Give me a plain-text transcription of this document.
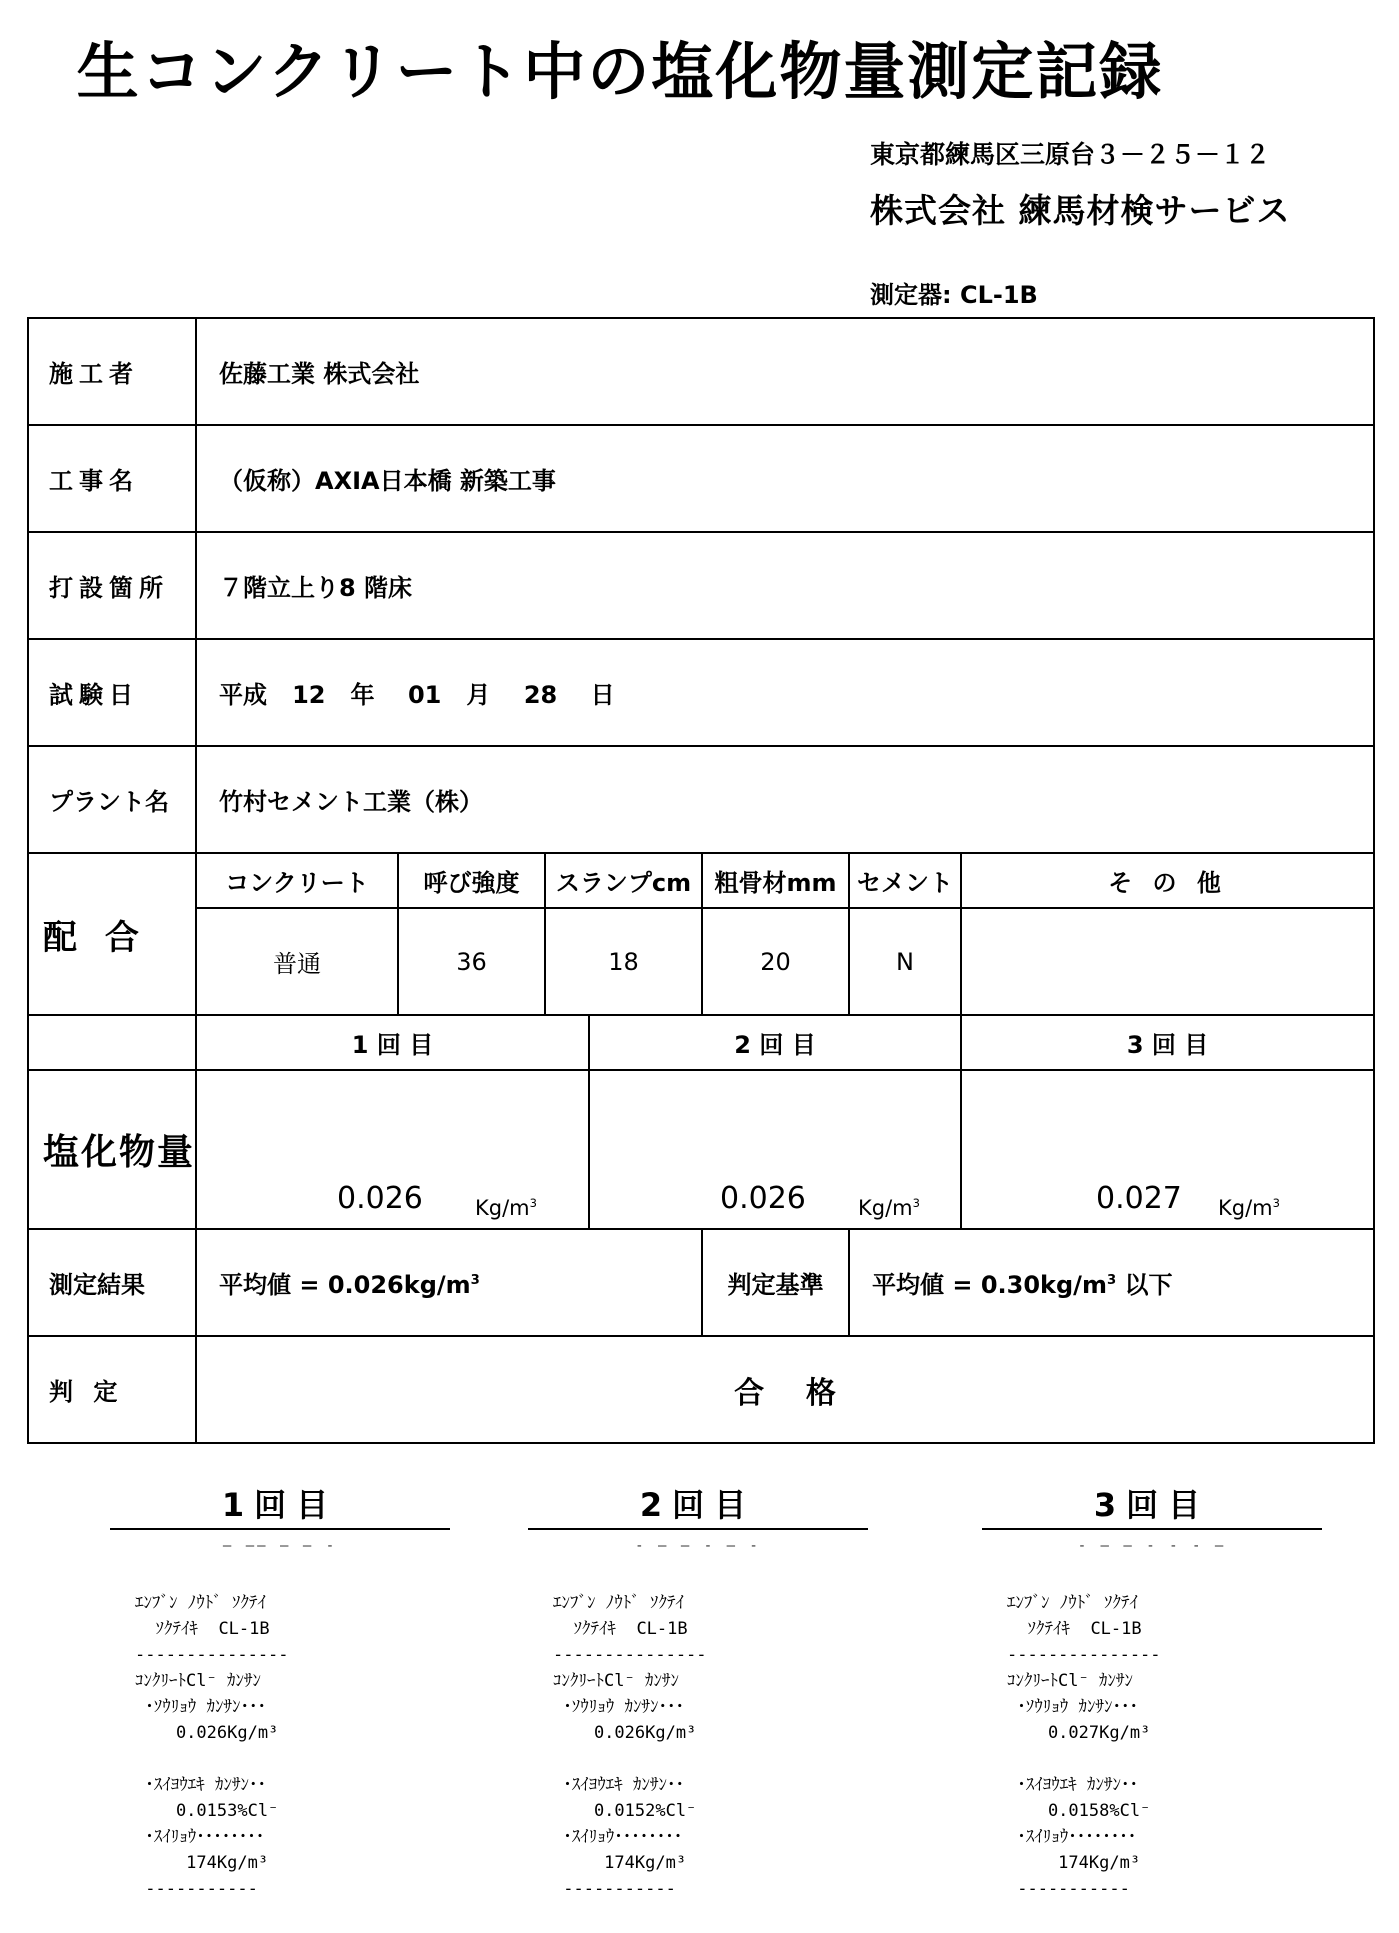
生コンクリート中の塩化物量測定記録
東京都練馬区三原台３－２５－１２
株式会社 練馬材検サービス
測定器: CL-1B
施工者	佐藤工業 株式会社						
工事名	（仮称）AXIA日本橋 新築工事						
打設箇所	７階立上り8 階床						
試験日	平成   12   年    01   月    28    日						
プラント名	竹村セメント工業（株）						
配 合	コンクリート	呼び強度	スランプcm		粗骨材mm	セメント	そ の 他
	普通	36	18		20	N	
	1 回 目			2 回 目			3 回 目
塩化物量	0.026 $Kg/m^3$			0.026 $Kg/m^3$			0.027 $Kg/m^3$

測定結果	平均値 = $0.026kg/m^3$				判定基準	平均値 = $0.30kg/m^3$ 以下	
判 定	合    格						
1回目
— —— — — -
ｴﾝﾌﾞﾝ ﾉｳﾄﾞ ｿｸﾃｲ
ｿｸﾃｲｷ  CL-1B
---------------
ｺﾝｸﾘｰﾄCl⁻ ｶﾝｻﾝ
･ｿｳﾘｮｳ ｶﾝｻﾝ･･･
0.026Kg/m³

･ｽｲﾖｳｴｷ ｶﾝｻﾝ･･
0.0153%Cl⁻
･ｽｲﾘｮｳ････････
174Kg/m³
-----------
2回目
- — — - — -
ｴﾝﾌﾞﾝ ﾉｳﾄﾞ ｿｸﾃｲ
ｿｸﾃｲｷ  CL-1B
---------------
ｺﾝｸﾘｰﾄCl⁻ ｶﾝｻﾝ
･ｿｳﾘｮｳ ｶﾝｻﾝ･･･
0.026Kg/m³

･ｽｲﾖｳｴｷ ｶﾝｻﾝ･･
0.0152%Cl⁻
･ｽｲﾘｮｳ････････
174Kg/m³
-----------
3回目
- — — - - - —
ｴﾝﾌﾞﾝ ﾉｳﾄﾞ ｿｸﾃｲ
ｿｸﾃｲｷ  CL-1B
---------------
ｺﾝｸﾘｰﾄCl⁻ ｶﾝｻﾝ
･ｿｳﾘｮｳ ｶﾝｻﾝ･･･
0.027Kg/m³

･ｽｲﾖｳｴｷ ｶﾝｻﾝ･･
0.0158%Cl⁻
･ｽｲﾘｮｳ････････
174Kg/m³
-----------
